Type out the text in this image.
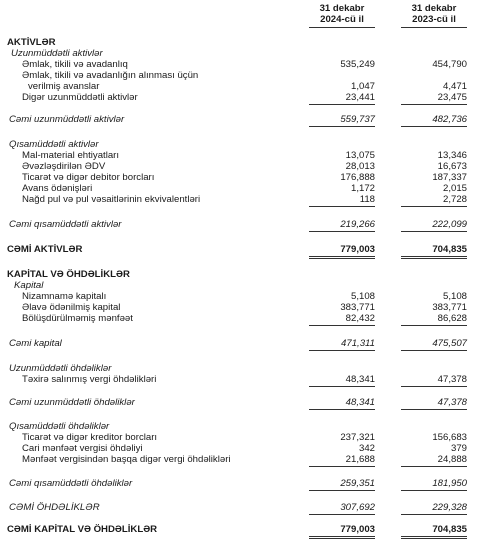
31 dekabr
2024-cü il
31 dekabr
2023-cü il
AKTİVLƏR
Uzunmüddətli aktivlər
Əmlak, tikili və avadanlıq	535,249	454,790
Əmlak, tikili və avadanlığın alınması üçün
verilmiş avanslar	1,047	4,471
Digər uzunmüddətli aktivlər	23,441	23,475
Cəmi uzunmüddətli aktivlər	559,737	482,736
Qısamüddətli aktivlər
Mal-material ehtiyatları	13,075	13,346
Əvəzləşdirilən ƏDV	28,013	16,673
Ticarət və digər debitor borcları	176,888	187,337
Avans ödənişləri	1,172	2,015
Nağd pul və pul vəsaitlərinin ekvivalentləri	118	2,728
Cəmi qısamüddətli aktivlər	219,266	222,099
CƏMİ AKTİVLƏR	779,003	704,835
KAPİTAL VƏ ÖHDƏLİKLƏR
Kapital
Nizamnamə kapitalı	5,108	5,108
Əlavə ödənilmiş kapital	383,771	383,771
Bölüşdürülməmiş mənfəət	82,432	86,628
Cəmi kapital	471,311	475,507
Uzunmüddətli öhdəliklər
Təxirə salınmış vergi öhdəlikləri	48,341	47,378
Cəmi uzunmüddətli öhdəliklər	48,341	47,378
Qısamüddətli öhdəliklər
Ticarət və digər kreditor borcları	237,321	156,683
Cari mənfəət vergisi öhdəliyi	342	379
Mənfəət vergisindən başqa digər vergi öhdəlikləri	21,688	24,888
Cəmi qısamüddətli öhdəliklər	259,351	181,950
CƏMİ ÖHDƏLİKLƏR	307,692	229,328
CƏMİ KAPİTAL VƏ ÖHDƏLİKLƏR	779,003	704,835
